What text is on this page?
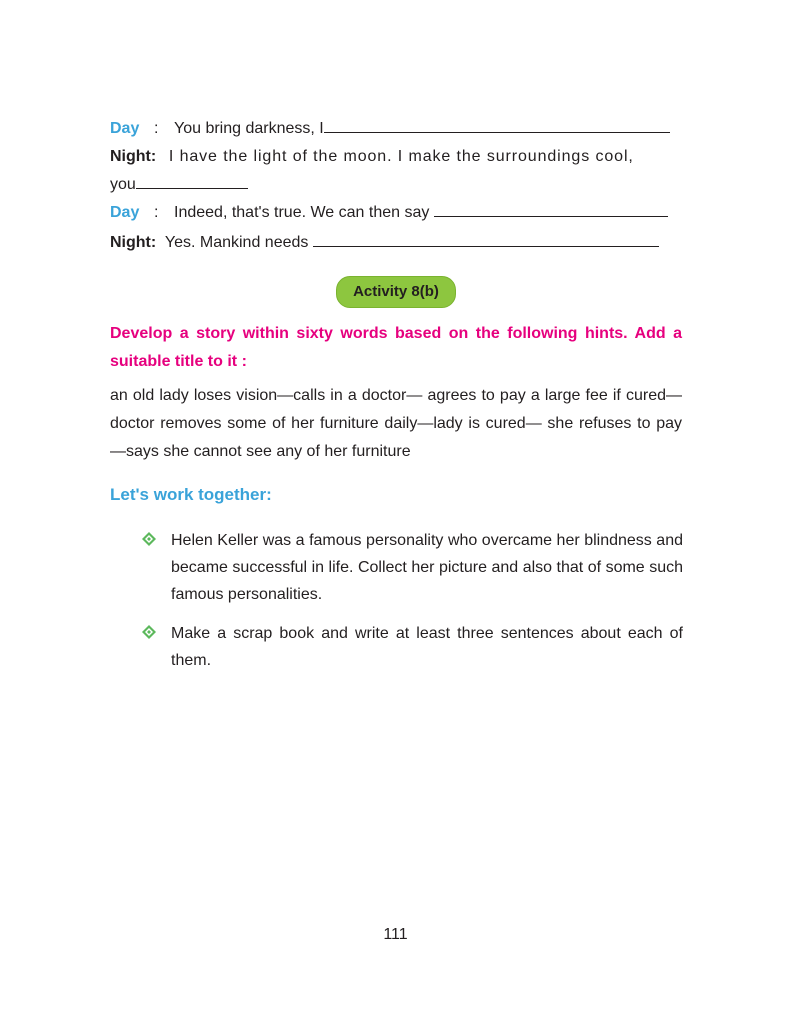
Day : You bring darkness, I
Night: I have the light of the moon. I make the surroundings cool,
you
Day : Indeed, that's true. We can then say
Night: Yes. Mankind needs
Activity 8(b)
Develop a story within sixty words based on the following hints. Add a suitable title to it :
an old lady loses vision—calls in a doctor— agrees to pay a large fee if cured—doctor removes some of her furniture daily—lady is cured— she refuses to pay—says she cannot see any of her furniture
Let's work together:
Helen Keller was a famous personality who overcame her blindness and became successful in life. Collect her picture and also that of some such famous personalities.
Make a scrap book and write at least three sentences about each of them.
111
